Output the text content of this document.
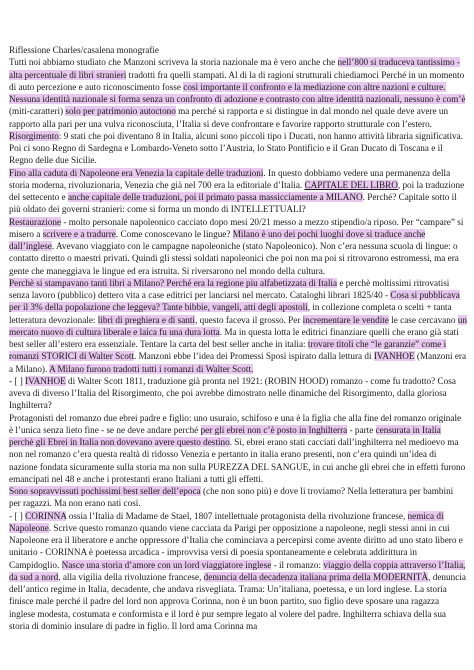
Riflessione Charles/casalena monografie

Tutti noi abbiamo studiato che Manzoni scriveva la storia nazionale ma è vero anche che nell’800 si traduceva tantissimo - alta percentuale di libri stranieri tradotti fra quelli stampati. Al di la di ragioni strutturali chiediamoci Perché in un momento di auto percezione e auto riconoscimento fosse così importante il confronto e la mediazione con altre nazioni e culture. Nessuna identità nazionale si forma senza un confronto di adozione e contrasto con altre identità nazionali, nessuno è com’è (miti-caratteri) solo per patrimonio autoctono ma perché si rapporta e si distingue in dal mondo nel quale deve avere un rapporto alla pari per una vulva riconosciuta, l’Italia si deve confrontare e favorire rapporto strutturale con l’estero.

Risorgimento: 9 stati che poi diventano 8 in Italia, alcuni sono piccoli tipo i Ducati, non hanno attività libraria significativa. Poi ci sono Regno di Sardegna e Lombardo-Veneto sotto l’Austria, lo Stato Pontificio e il Gran Ducato di Toscana e il Regno delle due Sicilie.

Fino alla caduta di Napoleone era Venezia la capitale delle traduzioni. In questo dobbiamo vedere una permanenza della storia moderna, rivoluzionaria, Venezia che già nel 700 era la editoriale d’Italia. CAPITALE DEL LIBRO, poi la traduzione del settecento e anche capitale delle traduzioni, poi il primato passa massicciamente a MILANO. Perché? Capitale sotto il più oldato dei governi stranieri: come si forma un mondo di INTELLETTUALI?

Restaurazione - molto personale napoleonico cacciato dopo mesi 20/21 messo a mezzo stipendio/a riposo. Per “campare” si misero a scrivere e a tradurre. Come conoscevano le lingue? Milano è uno dei pochi luoghi dove si traduce anche dall’inglese. Avevano viaggiato con le campagne napoleoniche (stato Napoleonico). Non c’era nessuna scuola di lingue: o contatto diretto o maestri privati. Quindi gli stessi soldati napoleonici che poi non ma poi si ritrovarono estromessi, ma era gente che maneggiava le lingue ed era istruita. Si riversarono nel mondo della cultura.

Perchè si stampavano tanti libri a Milano? Perché era la regione piu alfabetizzata di Italia e perchè moltissimi ritrovatisi senza lavoro (pubblico) dettero vita a case editrici per lanciarsi nel mercato. Cataloghi librari 1825/40 - Cosa si pubblicava per il 3% della popolazione che leggeva? Tante bibbie, vangeli, atti degli apostoli, in collezione completa o scelti + tanta letteratura devozionale: libri di preghiera e di santi, questo faceva il grosso. Per incrementare le vendite le case cercavano un mercato nuovo di cultura liberale e laica fu una dura lotta. Ma in questa lotta le editrici finanziare quelli che erano già stati best seller all’estero era essenziale. Tentare la carta del best seller anche in italia: trovare titoli che “le garanzie” come i romanzi STORICI di Walter Scott. Manzoni ebbe l’idea dei Promessi Sposi ispirato dalla lettura di IVANHOE (Manzoni era a Milano). A Milano furono tradotti tutti i romanzi di Walter Scott.

- [ ] IVANHOE di Walter Scott 1811, traduzione già pronta nel 1921: (ROBIN HOOD) romanzo - come fu tradotto? Cosa aveva di diverso l’Italia del Risorgimento, che poi avrebbe dimostrato nelle dinamiche del Risorgimento, dalla gloriosa Inghilterra?

Protagonisti del romanzo due ebrei padre e figlio: uno usuraio, schifoso e una è la figlia che alla fine del romanzo originale è l’unica senza lieto fine - se ne deve andare perché per gli ebrei non c’è posto in Inghilterra - parte censurata in Italia perchè gli Ebrei in Italia non dovevano avere questo destino. Sì, ebrei erano stati cacciati dall’inghilterra nel medioevo ma non nel romanzo c’era questa realtà di ridosso Venezia e pertanto in italia erano presenti, non c’era quindi un’idea di nazione fondata sicuramente sulla storia ma non sulla PUREZZA DEL SANGUE, in cui anche gli ebrei che in effetti furono emancipati nel 48 e anche i protestanti erano Italiani a tutti gli effetti.

Sono sopravvissuti pochissimi best seller dell’epoca (che non sono più) e dove li troviamo? Nella letteratura per bambini per ragazzi. Ma non erano nati così.

- [ ] CORINNA ossia l’Italia di Madame de Stael, 1807 intellettuale protagonista della rivoluzione francese, nemica di Napoleone. Scrive questo romanzo quando viene cacciata da Parigi per opposizione a napoleone, negli stessi anni in cui Napoleone era il liberatore e anche oppressore d’Italia che cominciava a percepirsi come avente diritto ad uno stato libero e unitario - CORINNA è poetessa arcadica - improvvisa versi di poesia spontaneamente e celebrata addirittura in Campidoglio. Nasce una storia d’amore con un lord viaggiatore inglese - il romanzo: viaggio della coppia attraverso l’Italia, da sud a nord, alla vigilia della rivoluzione francese, denuncia della decadenza italiana prima della MODERNITÀ, denuncia dell’antico regime in Italia, decadente, che andava risvegliata. Trama: Un’italiana, poetessa, e un lord inglese. La storia finisce male perché il padre del lord non approva Corinna, non è un buon partito, suo figlio deve sposare una ragazza inglese modesta, costumata e conformista e il lord è pur sempre legato al volere del padre. Inghilterra schiava della sua storia di dominio insulare di padre in figlio. Il lord ama Corinna ma
